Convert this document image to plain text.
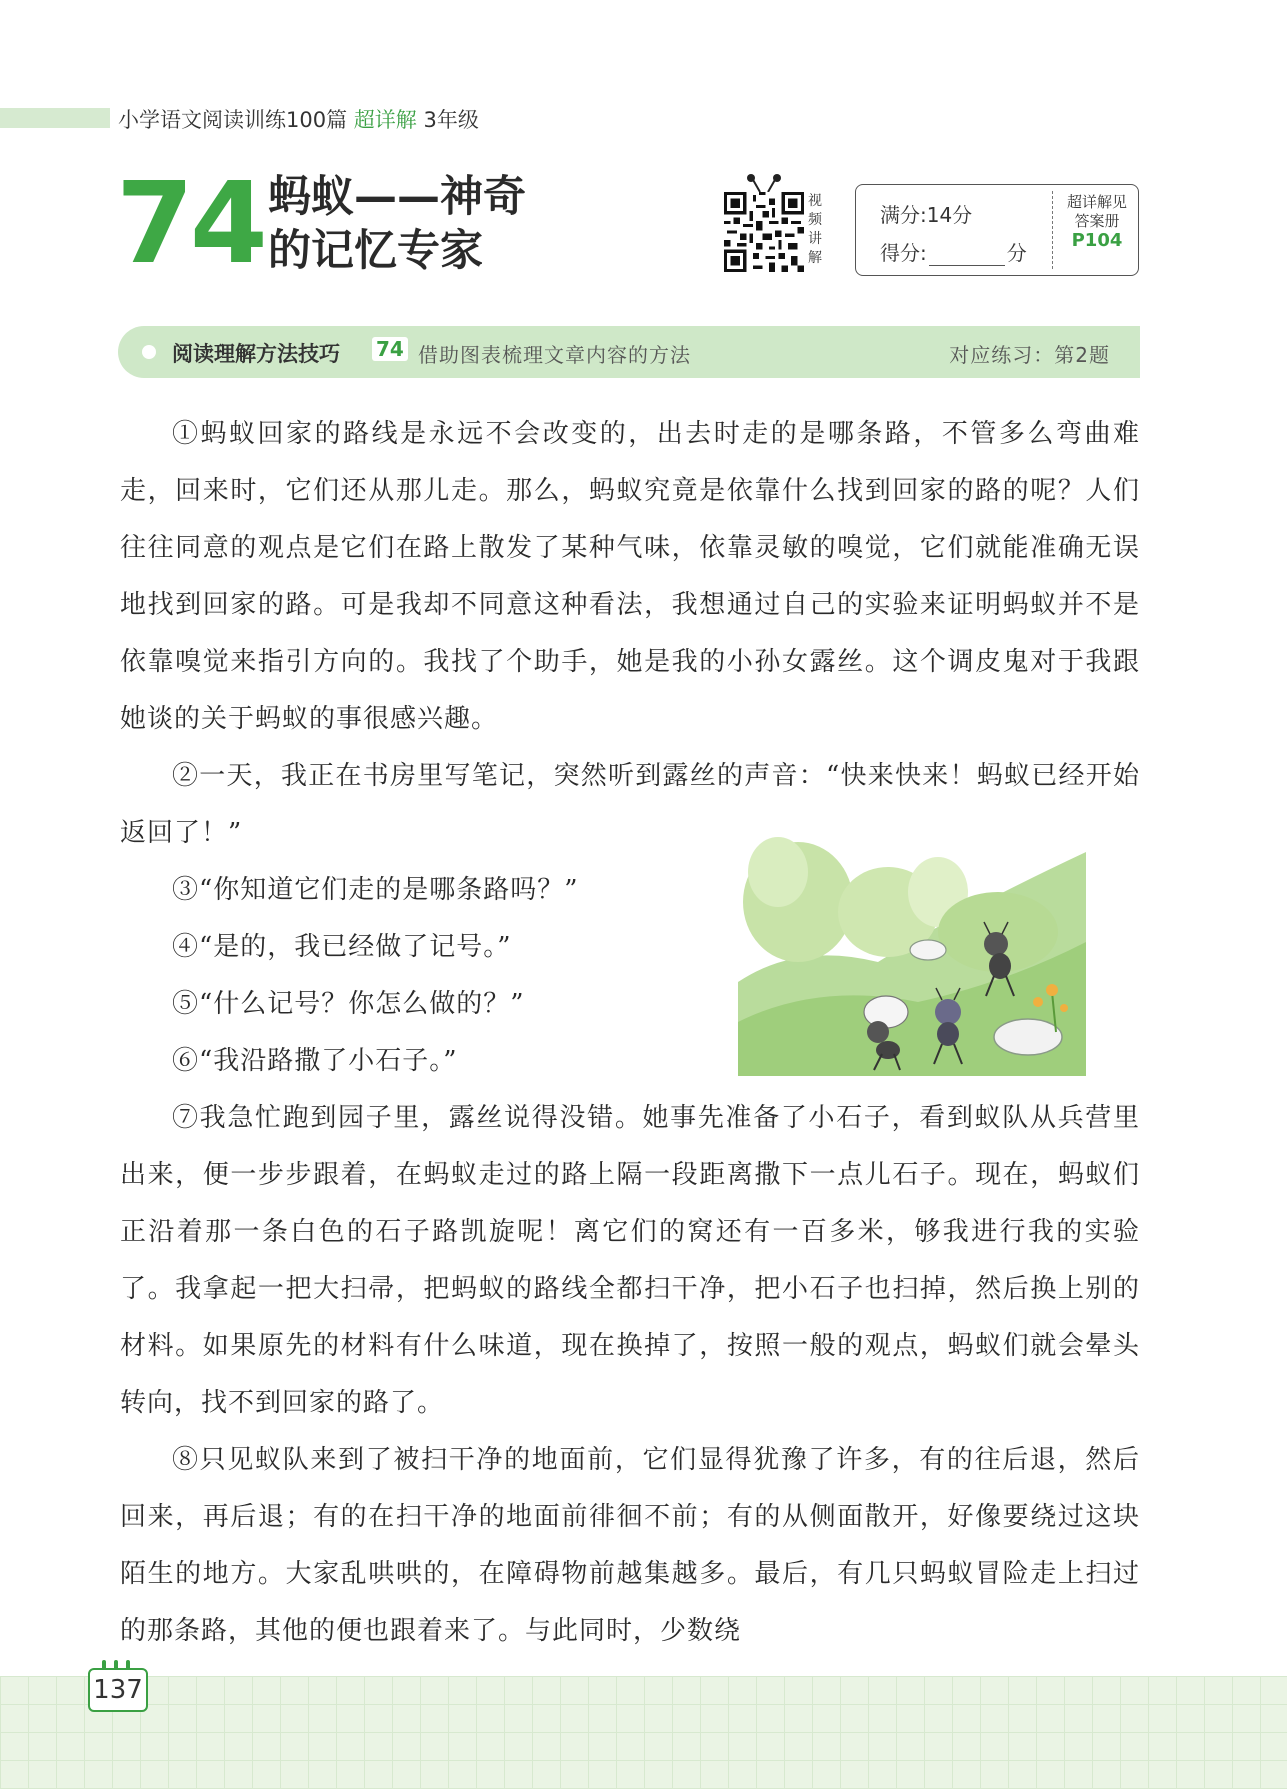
小学语文阅读训练100篇 超详解 3年级
74 蚂蚁——神奇
的记忆专家
视
频
讲
解
满分:14分
得分:	分
超详解见
答案册
P104
阅读理解方法技巧 74 借助图表梳理文章内容的方法	对应练习：第2题
①蚂蚁回家的路线是永远不会改变的，出去时走的是哪条路，不管多么弯曲难走，回来时，它们还从那儿走。那么，蚂蚁究竟是依靠什么找到回家的路的呢？人们往往同意的观点是它们在路上散发了某种气味，依靠灵敏的嗅觉，它们就能准确无误地找到回家的路。可是我却不同意这种看法，我想通过自己的实验来证明蚂蚁并不是依靠嗅觉来指引方向的。我找了个助手，她是我的小孙女露丝。这个调皮鬼对于我跟她谈的关于蚂蚁的事很感兴趣。
②一天，我正在书房里写笔记，突然听到露丝的声音：“快来快来！蚂蚁已经开始返回了！”
③“你知道它们走的是哪条路吗？”
④“是的，我已经做了记号。”
⑤“什么记号？你怎么做的？”
⑥“我沿路撒了小石子。”
⑦我急忙跑到园子里，露丝说得没错。她事先准备了小石子，看到蚁队从兵营里出来，便一步步跟着，在蚂蚁走过的路上隔一段距离撒下一点儿石子。现在，蚂蚁们正沿着那一条白色的石子路凯旋呢！离它们的窝还有一百多米，够我进行我的实验了。我拿起一把大扫帚，把蚂蚁的路线全都扫干净，把小石子也扫掉，然后换上别的材料。如果原先的材料有什么味道，现在换掉了，按照一般的观点，蚂蚁们就会晕头转向，找不到回家的路了。
⑧只见蚁队来到了被扫干净的地面前，它们显得犹豫了许多，有的往后退，然后回来，再后退；有的在扫干净的地面前徘徊不前；有的从侧面散开，好像要绕过这块陌生的地方。大家乱哄哄的，在障碍物前越集越多。最后，有几只蚂蚁冒险走上扫过的那条路，其他的便也跟着来了。与此同时，少数绕
137
